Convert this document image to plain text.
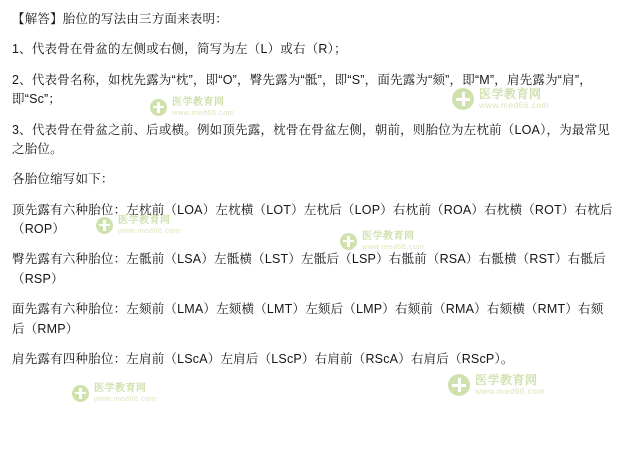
医学教育网
www.med66.com
医学教育网
www.med66.com
医学教育网
www.med66.com
医学教育网
www.med66.com
医学教育网
www.med66.com
医学教育网
www.med66.com

【解答】胎位的写法由三方面来表明：

1、代表骨在骨盆的左侧或右侧，简写为左（L）或右（R）；

2、代表骨名称，如枕先露为“枕”，即“O”，臀先露为“骶”，即“S”，面先露为“颏”，即“M”，肩先露为“肩”，即“Sc”；

3、代表骨在骨盆之前、后或横。例如顶先露，枕骨在骨盆左侧，朝前，则胎位为左枕前（LOA），为最常见之胎位。

各胎位缩写如下：

顶先露有六种胎位：左枕前（LOA）左枕横（LOT）左枕后（LOP）右枕前（ROA）右枕横（ROT）右枕后（ROP）

臀先露有六种胎位：左骶前（LSA）左骶横（LST）左骶后（LSP）右骶前（RSA）右骶横（RST）右骶后（RSP）

面先露有六种胎位：左颏前（LMA）左颏横（LMT）左颏后（LMP）右颏前（RMA）右颏横（RMT）右颏后（RMP）

肩先露有四种胎位：左肩前（LScA）左肩后（LScP）右肩前（RScA）右肩后（RScP）。
